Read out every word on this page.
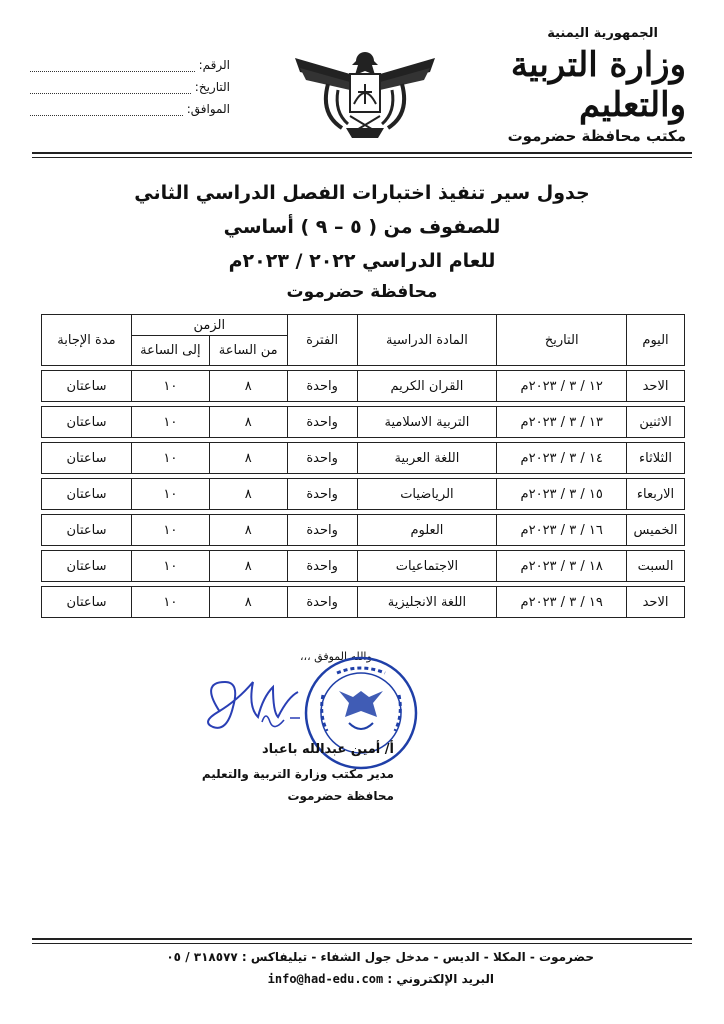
الجمهورية اليمنية
وزارة التربية والتعليم
مكتب محافظة حضرموت
الرقم:
التاريخ:
الموافق:
جدول سير تنفيذ اختبارات الفصل الدراسي الثاني
للصفوف من ( ٥ – ٩ ) أساسي
للعام الدراسي ٢٠٢٢ / ٢٠٢٣م
محافظة حضرموت
اليوم	التاريخ	المادة الدراسية	الفترة	الزمن		مدة الإجابة
				من الساعة	إلى الساعة	

الاحد	١٢ / ٣ / ٢٠٢٣م	القران الكريم	واحدة	٨	١٠	ساعتان

الاثنين	١٣ / ٣ / ٢٠٢٣م	التربية الاسلامية	واحدة	٨	١٠	ساعتان

الثلاثاء	١٤ / ٣ / ٢٠٢٣م	اللغة العربية	واحدة	٨	١٠	ساعتان

الاربعاء	١٥ / ٣ / ٢٠٢٣م	الرياضيات	واحدة	٨	١٠	ساعتان

الخميس	١٦ / ٣ / ٢٠٢٣م	العلوم	واحدة	٨	١٠	ساعتان

السبت	١٨ / ٣ / ٢٠٢٣م	الاجتماعيات	واحدة	٨	١٠	ساعتان

الاحد	١٩ / ٣ / ٢٠٢٣م	اللغة الانجليزية	واحدة	٨	١٠	ساعتان
والله الموفق ،،،
أ/ أمين عبدالله باعباد
مدير مكتب وزارة التربية والتعليم
محافظة حضرموت
حضرموت - المكلا - الديس - مدخل جول الشفاء - تيليفاكس : ٣١٨٥٧٧ / ٠٥
البريد الإلكتروني : info@had-edu.com
